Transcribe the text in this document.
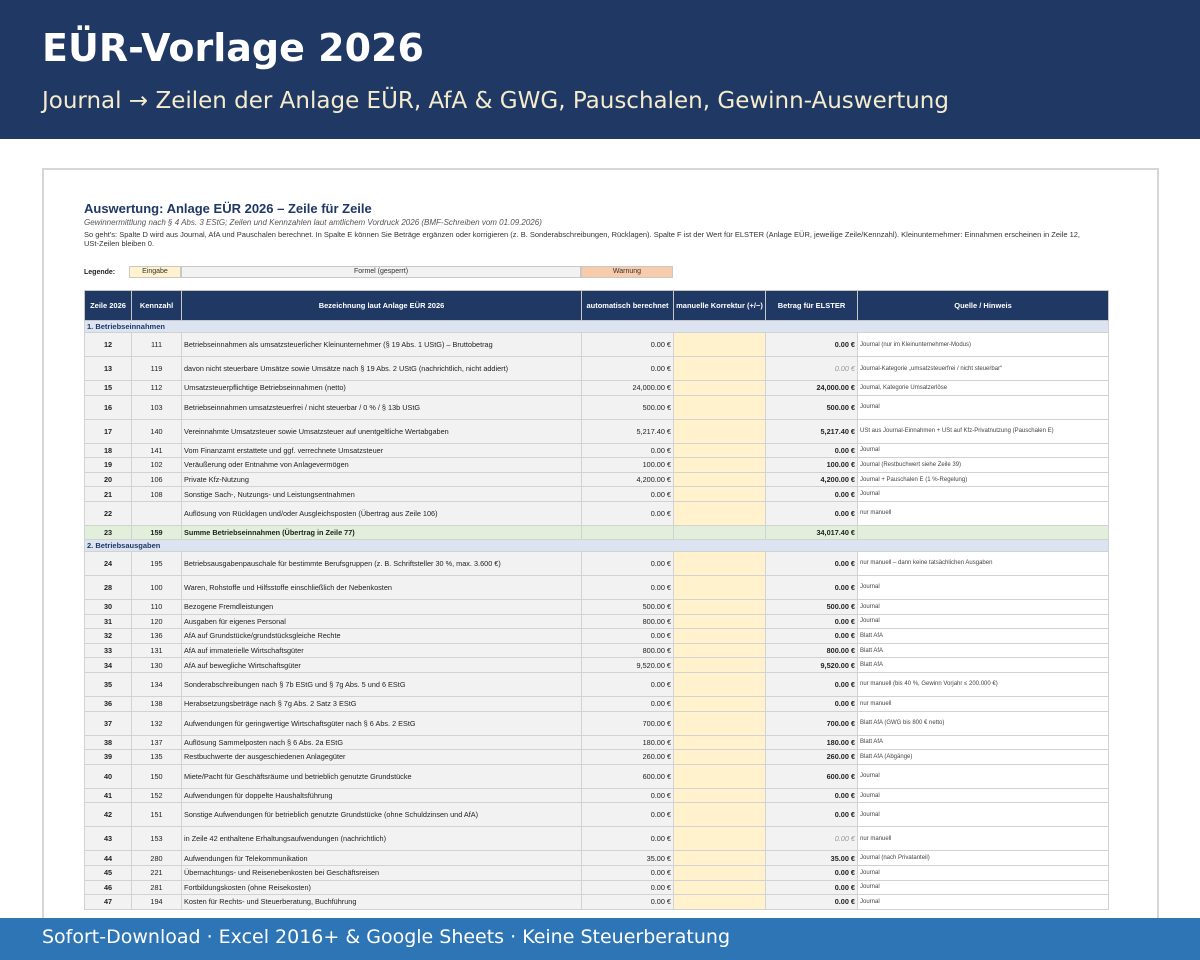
EÜR-Vorlage 2026
Journal → Zeilen der Anlage EÜR, AfA & GWG, Pauschalen, Gewinn-Auswertung
Auswertung: Anlage EÜR 2026 – Zeile für Zeile
Gewinnermittlung nach § 4 Abs. 3 EStG; Zeilen und Kennzahlen laut amtlichem Vordruck 2026 (BMF-Schreiben vom 01.09.2026)
So geht's: Spalte D wird aus Journal, AfA und Pauschalen berechnet. In Spalte E können Sie Beträge ergänzen oder korrigieren (z. B. Sonderabschreibungen, Rücklagen). Spalte F ist der Wert für ELSTER (Anlage EÜR, jeweilige Zeile/Kennzahl). Kleinunternehmer: Einnahmen erscheinen in Zeile 12, USt-Zeilen bleiben 0.
Legende:	Eingabe	Formel (gesperrt)	Warnung
Zeile 2026	Kennzahl	Bezeichnung laut Anlage EÜR 2026	automatisch berechnet	manuelle Korrektur (+/−)	Betrag für ELSTER	Quelle / Hinweis
1. Betriebseinnahmen						
12	111	Betriebseinnahmen als umsatzsteuerlicher Kleinunternehmer (§ 19 Abs. 1 UStG) – Bruttobetrag	0.00 €		0.00 €	Journal (nur im Kleinunternehmer-Modus)
13	119	davon nicht steuerbare Umsätze sowie Umsätze nach § 19 Abs. 2 UStG (nachrichtlich, nicht addiert)	0.00 €		0.00 €	Journal-Kategorie „umsatzsteuerfrei / nicht steuerbar“
15	112	Umsatzsteuerpflichtige Betriebseinnahmen (netto)	24,000.00 €		24,000.00 €	Journal, Kategorie Umsatzerlöse
16	103	Betriebseinnahmen umsatzsteuerfrei / nicht steuerbar / 0 % / § 13b UStG	500.00 €		500.00 €	Journal
17	140	Vereinnahmte Umsatzsteuer sowie Umsatzsteuer auf unentgeltliche Wertabgaben	5,217.40 €		5,217.40 €	USt aus Journal-Einnahmen + USt auf Kfz-Privatnutzung (Pauschalen E)
18	141	Vom Finanzamt erstattete und ggf. verrechnete Umsatzsteuer	0.00 €		0.00 €	Journal
19	102	Veräußerung oder Entnahme von Anlagevermögen	100.00 €		100.00 €	Journal (Restbuchwert siehe Zeile 39)
20	106	Private Kfz-Nutzung	4,200.00 €		4,200.00 €	Journal + Pauschalen E (1 %-Regelung)
21	108	Sonstige Sach-, Nutzungs- und Leistungsentnahmen	0.00 €		0.00 €	Journal
22		Auflösung von Rücklagen und/oder Ausgleichsposten (Übertrag aus Zeile 106)	0.00 €		0.00 €	nur manuell
23	159	Summe Betriebseinnahmen (Übertrag in Zeile 77)			34,017.40 €	
2. Betriebsausgaben						
24	195	Betriebsausgabenpauschale für bestimmte Berufsgruppen (z. B. Schriftsteller 30 %, max. 3.600 €)	0.00 €		0.00 €	nur manuell – dann keine tatsächlichen Ausgaben
28	100	Waren, Rohstoffe und Hilfsstoffe einschließlich der Nebenkosten	0.00 €		0.00 €	Journal
30	110	Bezogene Fremdleistungen	500.00 €		500.00 €	Journal
31	120	Ausgaben für eigenes Personal	800.00 €		0.00 €	Journal
32	136	AfA auf Grundstücke/grundstücksgleiche Rechte	0.00 €		0.00 €	Blatt AfA
33	131	AfA auf immaterielle Wirtschaftsgüter	800.00 €		800.00 €	Blatt AfA
34	130	AfA auf bewegliche Wirtschaftsgüter	9,520.00 €		9,520.00 €	Blatt AfA
35	134	Sonderabschreibungen nach § 7b EStG und § 7g Abs. 5 und 6 EStG	0.00 €		0.00 €	nur manuell (bis 40 %, Gewinn Vorjahr ≤ 200.000 €)
36	138	Herabsetzungsbeträge nach § 7g Abs. 2 Satz 3 EStG	0.00 €		0.00 €	nur manuell
37	132	Aufwendungen für geringwertige Wirtschaftsgüter nach § 6 Abs. 2 EStG	700.00 €		700.00 €	Blatt AfA (GWG bis 800 € netto)
38	137	Auflösung Sammelposten nach § 6 Abs. 2a EStG	180.00 €		180.00 €	Blatt AfA
39	135	Restbuchwerte der ausgeschiedenen Anlagegüter	260.00 €		260.00 €	Blatt AfA (Abgänge)
40	150	Miete/Pacht für Geschäftsräume und betrieblich genutzte Grundstücke	600.00 €		600.00 €	Journal
41	152	Aufwendungen für doppelte Haushaltsführung	0.00 €		0.00 €	Journal
42	151	Sonstige Aufwendungen für betrieblich genutzte Grundstücke (ohne Schuldzinsen und AfA)	0.00 €		0.00 €	Journal
43	153	in Zeile 42 enthaltene Erhaltungsaufwendungen (nachrichtlich)	0.00 €		0.00 €	nur manuell
44	280	Aufwendungen für Telekommunikation	35.00 €		35.00 €	Journal (nach Privatanteil)
45	221	Übernachtungs- und Reisenebenkosten bei Geschäftsreisen	0.00 €		0.00 €	Journal
46	281	Fortbildungskosten (ohne Reisekosten)	0.00 €		0.00 €	Journal
47	194	Kosten für Rechts- und Steuerberatung, Buchführung	0.00 €		0.00 €	Journal
Sofort-Download · Excel 2016+ & Google Sheets · Keine Steuerberatung
